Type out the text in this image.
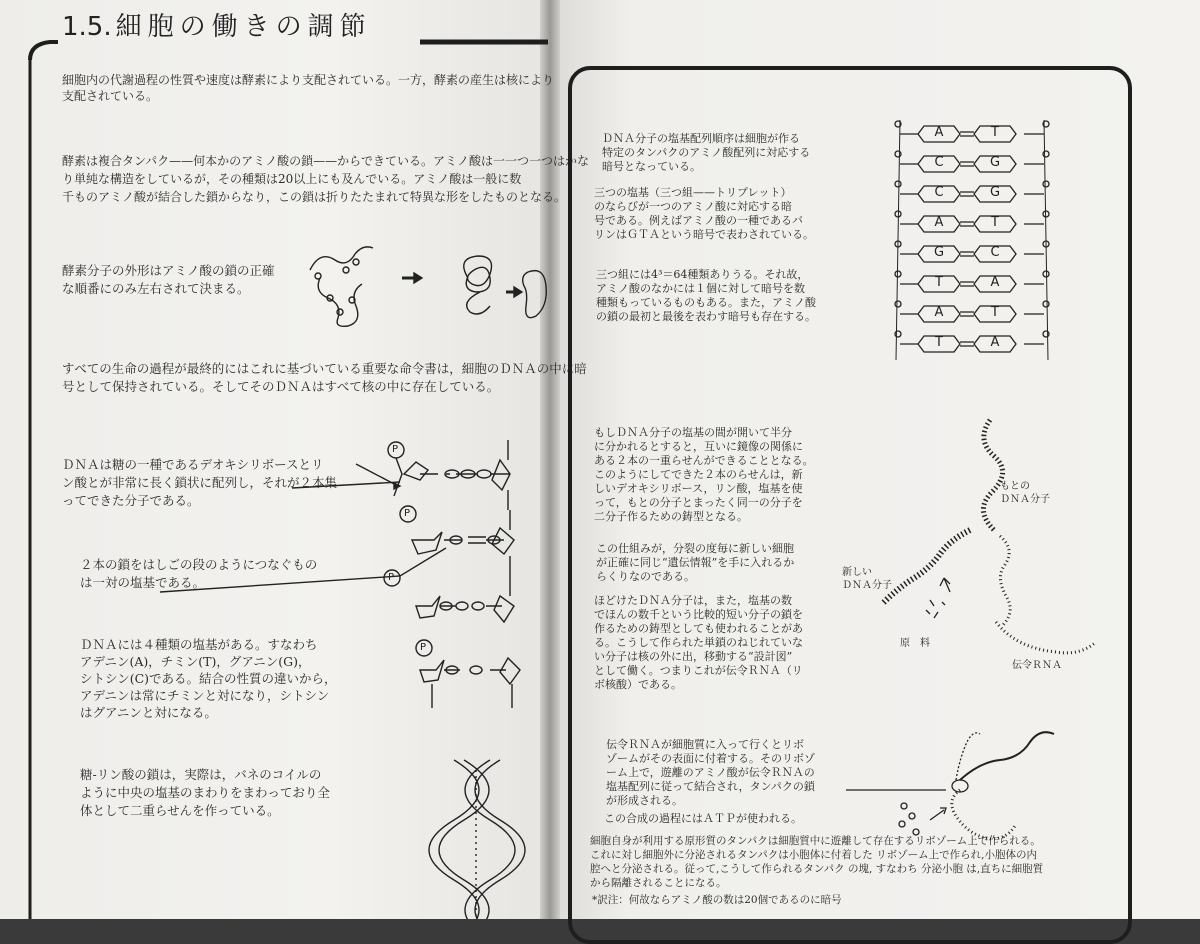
1.5. 細胞の働きの調節
細胞内の代謝過程の性質や速度は酵素により支配されている。一方，酵素の産生は核により
支配されている。
酵素は複合タンパク——何本かのアミノ酸の鎖——からできている。アミノ酸は一一つ一つはかな
り単純な構造をしているが，その種類は20以上にも及んでいる。アミノ酸は一般に数
千ものアミノ酸が結合した鎖からなり，この鎖は折りたたまれて特異な形をしたものとなる。
酵素分子の外形はアミノ酸の鎖の正確
な順番にのみ左右されて決まる。
すべての生命の過程が最終的にはこれに基づいている重要な命令書は，細胞のＤＮＡの中に暗
号として保持されている。そしてそのＤＮＡはすべて核の中に存在している。
ＤＮＡは糖の一種であるデオキシリボースとリ
ン酸とが非常に長く鎖状に配列し，それが２本集
ってできた分子である。
２本の鎖をはしごの段のようにつなぐもの
は一対の塩基である。
ＤＮＡには４種類の塩基がある。すなわち
アデニン(A)，チミン(T)，グアニン(G)，
シトシン(C)である。結合の性質の違いから，
アデニンは常にチミンと対になり，シトシン
はグアニンと対になる。
糖-リン酸の鎖は，実際は，バネのコイルの
ように中央の塩基のまわりをまわっており全
体として二重らせんを作っている。
P
P
P
P
ＤＮＡ分子の塩基配列順序は細胞が作る
特定のタンパクのアミノ酸配列に対応する
暗号となっている。
三つの塩基（三つ組——トリプレット）
のならびが一つのアミノ酸に対応する暗
号である。例えばアミノ酸の一種であるバ
リンはＧＴＡという暗号で表わされている。
三つ組には4³＝64種類ありうる。それ故，
アミノ酸のなかには１個に対して暗号を数
種類もっているものもある。また，アミノ酸
の鎖の最初と最後を表わす暗号も存在する。
もしＤＮＡ分子の塩基の間が開いて半分
に分かれるとすると，互いに鏡像の関係に
ある２本の一重らせんができることとなる。
このようにしてできた２本のらせんは，新
しいデオキシリボース，リン酸，塩基を使
って，もとの分子とまったく同一の分子を
二分子作るための鋳型となる。
この仕組みが，分裂の度毎に新しい細胞
が正確に同じ“遺伝情報”を手に入れるか
らくりなのである。
ほどけたＤＮＡ分子は，また，塩基の数
でほんの数千という比較的短い分子の鎖を
作るための鋳型としても使われることがあ
る。こうして作られた単鎖のねじれていな
い分子は核の外に出，移動する“設計図”
として働く。つまりこれが伝令ＲＮＡ（リ
ボ核酸）である。
伝令ＲＮＡが細胞質に入って行くとリボ
ゾームがその表面に付着する。そのリボゾ
ーム上で，遊離のアミノ酸が伝令ＲＮＡの
塩基配列に従って結合され，タンパクの鎖
が形成される。
この合成の過程にはＡＴＰが使われる。
細胞自身が利用する原形質のタンパクは細胞質中に遊離して存在するリボゾーム上で作られる。
これに対し細胞外に分泌されるタンパクは小胞体に付着した リボゾーム上で作られ,小胞体の内
腔へと分泌される。従って,こうして作られるタンパク の塊, すなわち 分泌小胞 は,直ちに細胞質
から隔離されることになる。
*訳注：何故ならアミノ酸の数は20個であるのに暗号
もとの
ＤＮＡ分子
新しい
ＤＮＡ分子
原　料
伝令ＲＮＡ
A	T
C	G
C	G
A	T
G	C
T	A
A	T
T	A
